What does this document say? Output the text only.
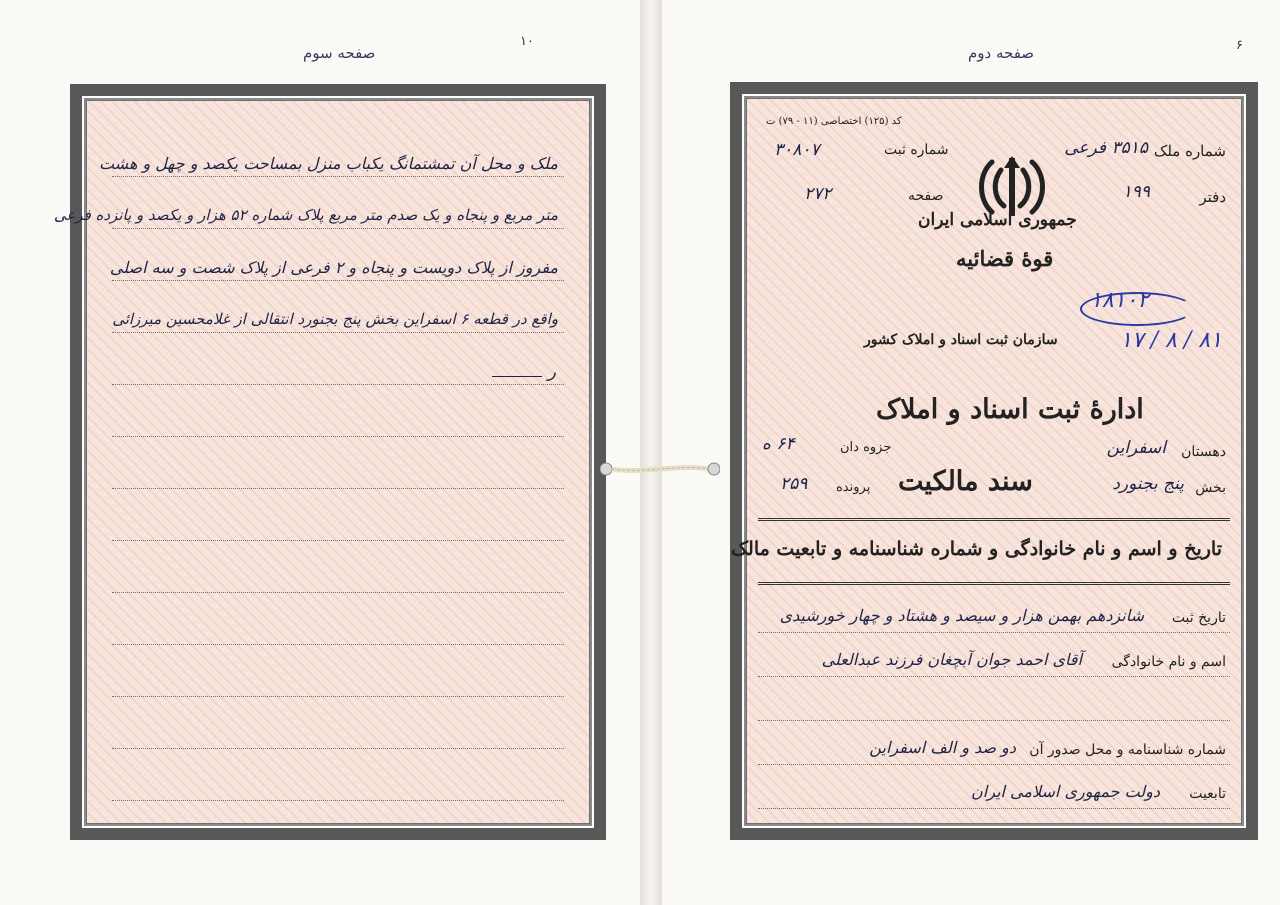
صفحه سوم
۱۰
ملک و محل آن تمشتمانگ یکباب منزل بمساحت یکصد و چهل و هشت
متر مربع و پنجاه و یک صدم متر مربع پلاک شماره ۵۲ هزار و یکصد و پانزده فرعی
مفروز از پلاک دویست و پنجاه و ۲ فرعی از پلاک شصت و سه اصلی
واقع در قطعه ۶ اسفراین بخش پنج بجنورد انتقالی از غلامحسین میرزائی
ر
صفحه دوم	۶
کد (۱۲۵) اختصاصی (۱۱ - ۷۹) ت
شماره ملک
۳۵۱۵ فرعی
شماره ثبت
۳۰۸۰۷
دفتر
۱۹۹
صفحه
۲۷۲
جمهوری اسلامی ایران
قوهٔ قضائیه
۱۸۱۰۲
۱۷ / ۸ / ۸۱
سازمان ثبت اسناد و املاک کشور
ادارهٔ ثبت اسناد و املاک
دهستان
اسفراین
جزوه دان
۶۴ ه
بخش
پنج بجنورد
سند مالکیت
پرونده
۲۵۹
تاریخ و اسم و نام خانوادگی و شماره شناسنامه و تابعیت مالک
تاریخ ثبت
شانزدهم بهمن هزار و سیصد و هشتاد و چهار خورشیدی
اسم و نام خانوادگی
آقای احمد جوان آبچغان فرزند عبدالعلی
شماره شناسنامه و محل صدور آن
دو صد و الف اسفراین
تابعیت
دولت جمهوری اسلامی ایران
